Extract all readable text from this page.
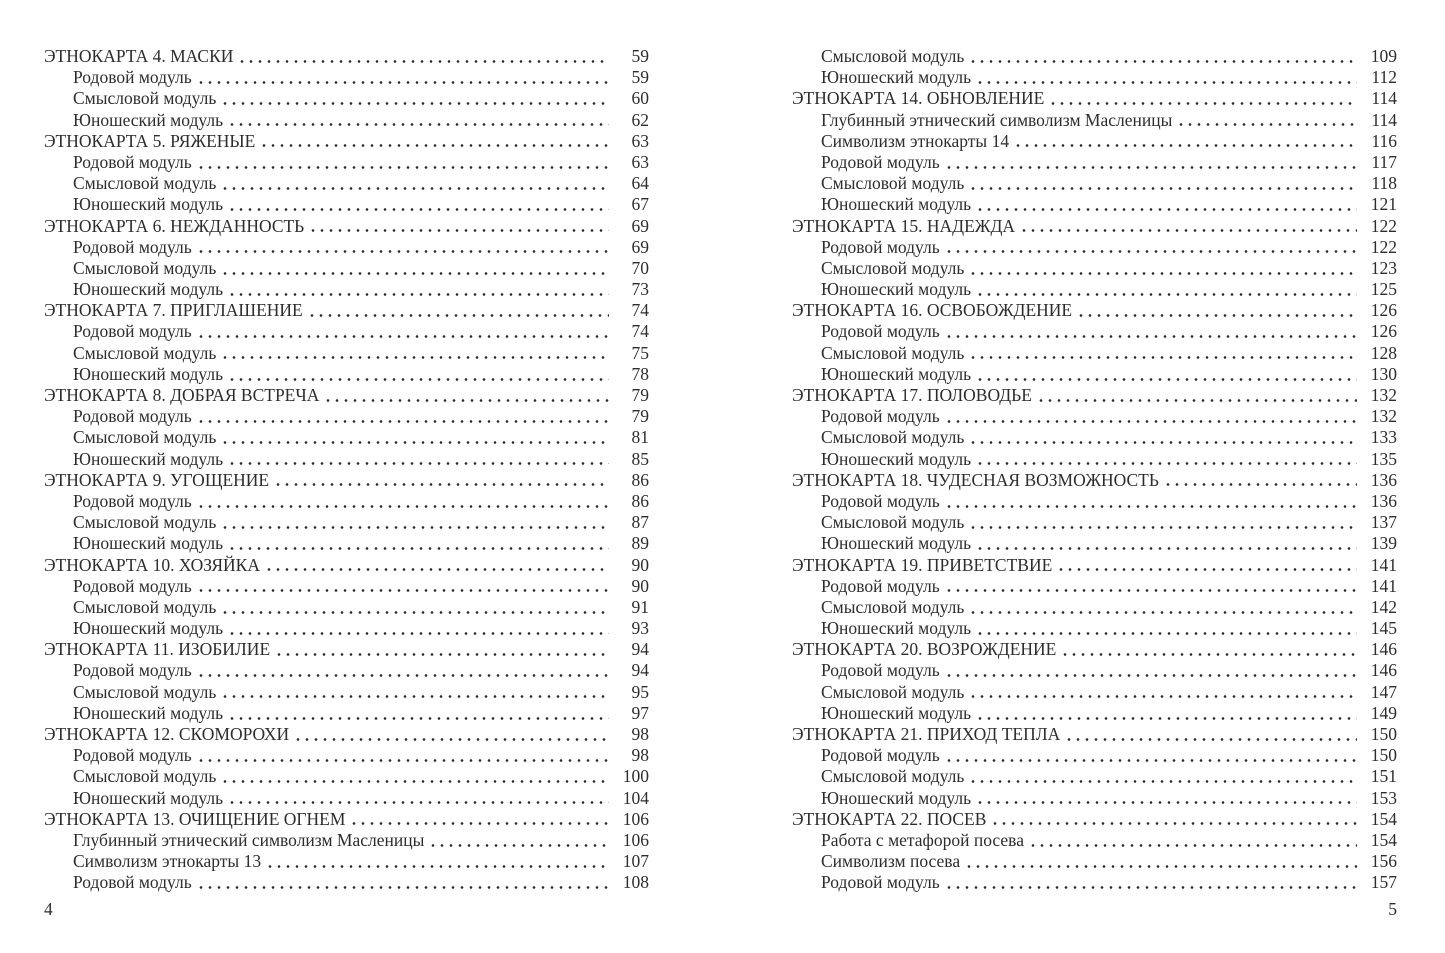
ЭТНОКАРТА 4. МАСКИ	59
Родовой модуль	59
Смысловой модуль	60
Юношеский модуль	62
ЭТНОКАРТА 5. РЯЖЕНЫЕ	63
Родовой модуль	63
Смысловой модуль	64
Юношеский модуль	67
ЭТНОКАРТА 6. НЕЖДАННОСТЬ	69
Родовой модуль	69
Смысловой модуль	70
Юношеский модуль	73
ЭТНОКАРТА 7. ПРИГЛАШЕНИЕ	74
Родовой модуль	74
Смысловой модуль	75
Юношеский модуль	78
ЭТНОКАРТА 8. ДОБРАЯ ВСТРЕЧА	79
Родовой модуль	79
Смысловой модуль	81
Юношеский модуль	85
ЭТНОКАРТА 9. УГОЩЕНИЕ	86
Родовой модуль	86
Смысловой модуль	87
Юношеский модуль	89
ЭТНОКАРТА 10. ХОЗЯЙКА	90
Родовой модуль	90
Смысловой модуль	91
Юношеский модуль	93
ЭТНОКАРТА 11. ИЗОБИЛИЕ	94
Родовой модуль	94
Смысловой модуль	95
Юношеский модуль	97
ЭТНОКАРТА 12. СКОМОРОХИ	98
Родовой модуль	98
Смысловой модуль	100
Юношеский модуль	104
ЭТНОКАРТА 13. ОЧИЩЕНИЕ ОГНЕМ	106
Глубинный этнический символизм Масленицы	106
Символизм этнокарты 13	107
Родовой модуль	108
Смысловой модуль	109
Юношеский модуль	112
ЭТНОКАРТА 14. ОБНОВЛЕНИЕ	114
Глубинный этнический символизм Масленицы	114
Символизм этнокарты 14	116
Родовой модуль	117
Смысловой модуль	118
Юношеский модуль	121
ЭТНОКАРТА 15. НАДЕЖДА	122
Родовой модуль	122
Смысловой модуль	123
Юношеский модуль	125
ЭТНОКАРТА 16. ОСВОБОЖДЕНИЕ	126
Родовой модуль	126
Смысловой модуль	128
Юношеский модуль	130
ЭТНОКАРТА 17. ПОЛОВОДЬЕ	132
Родовой модуль	132
Смысловой модуль	133
Юношеский модуль	135
ЭТНОКАРТА 18. ЧУДЕСНАЯ ВОЗМОЖНОСТЬ	136
Родовой модуль	136
Смысловой модуль	137
Юношеский модуль	139
ЭТНОКАРТА 19. ПРИВЕТСТВИЕ	141
Родовой модуль	141
Смысловой модуль	142
Юношеский модуль	145
ЭТНОКАРТА 20. ВОЗРОЖДЕНИЕ	146
Родовой модуль	146
Смысловой модуль	147
Юношеский модуль	149
ЭТНОКАРТА 21. ПРИХОД ТЕПЛА	150
Родовой модуль	150
Смысловой модуль	151
Юношеский модуль	153
ЭТНОКАРТА 22. ПОСЕВ	154
Работа с метафорой посева	154
Символизм посева	156
Родовой модуль	157
4	5
